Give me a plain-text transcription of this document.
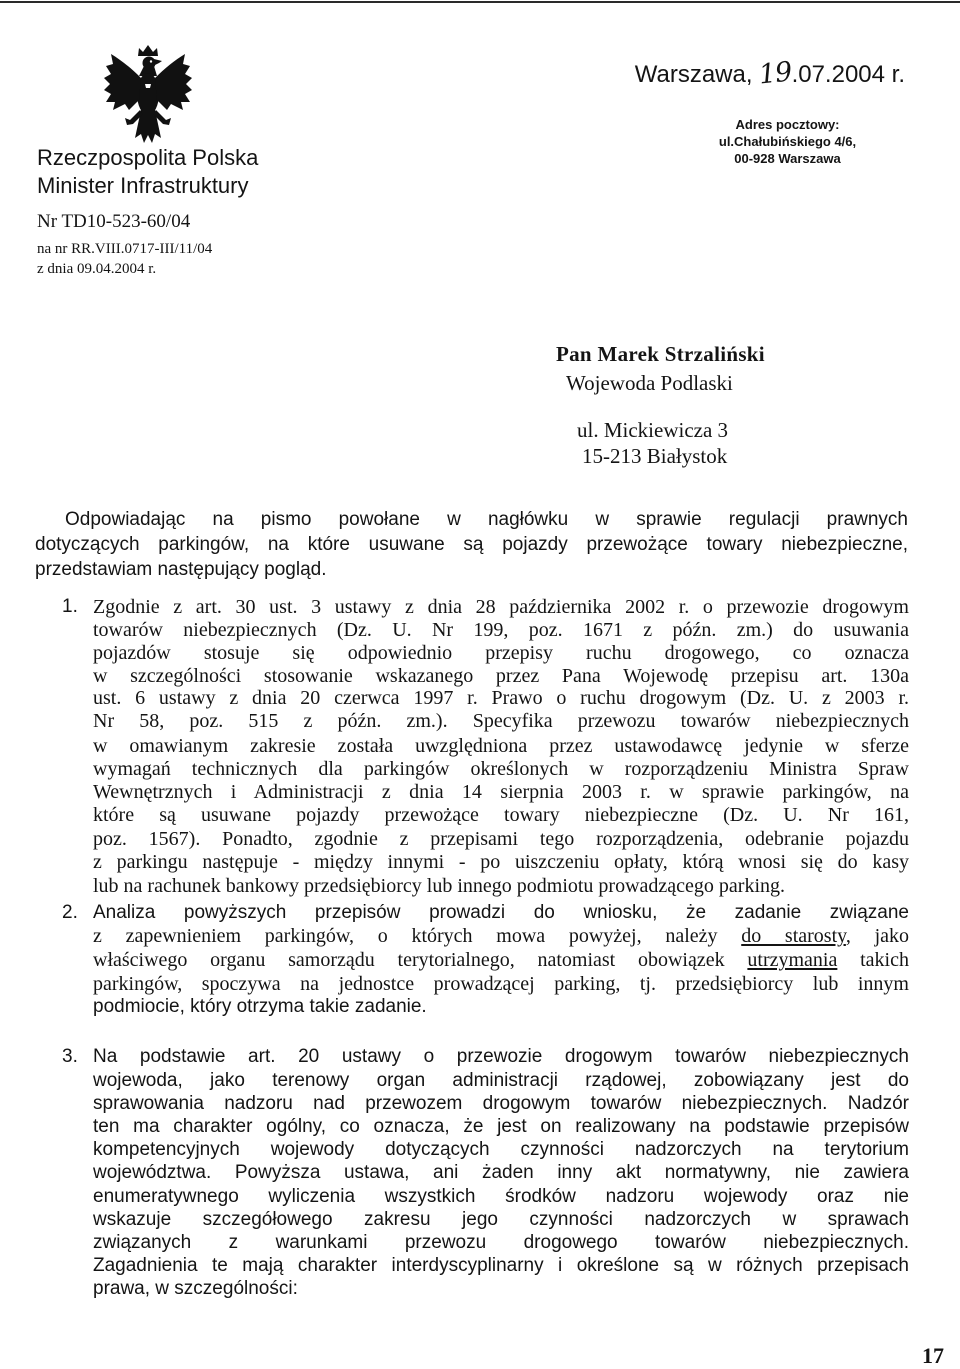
Rzeczpospolita Polska
Minister Infrastruktury
Nr TD10-523-60/04
na nr RR.VIII.0717-III/11/04
z dnia 09.04.2004 r.
Warszawa, 19.07.2004 r.
Adres pocztowy:
ul.Chałubińskiego 4/6,
00-928 Warszawa
Pan Marek Strzaliński
Wojewoda Podlaski
ul. Mickiewicza 3
15-213 Białystok
Odpowiadając na pismo powołane w nagłówku w sprawie regulacji prawnych
dotyczących parkingów, na które usuwane są pojazdy przewożące towary niebezpieczne,
przedstawiam następujący pogląd.
1. Zgodnie z art. 30 ust. 3 ustawy z dnia 28 października 2002 r. o przewozie drogowym
towarów niebezpiecznych (Dz. U. Nr 199, poz. 1671 z późn. zm.) do usuwania
pojazdów stosuje się odpowiednio przepisy ruchu drogowego, co oznacza
w szczególności stosowanie wskazanego przez Pana Wojewodę przepisu art. 130a
ust. 6 ustawy z dnia 20 czerwca 1997 r. Prawo o ruchu drogowym (Dz. U. z 2003 r.
Nr 58, poz. 515 z późn. zm.). Specyfika przewozu towarów niebezpiecznych
w omawianym zakresie została uwzględniona przez ustawodawcę jedynie w sferze
wymagań technicznych dla parkingów określonych w rozporządzeniu Ministra Spraw
Wewnętrznych i Administracji z dnia 14 sierpnia 2003 r. w sprawie parkingów, na
które są usuwane pojazdy przewożące towary niebezpieczne (Dz. U. Nr 161,
poz. 1567). Ponadto, zgodnie z przepisami tego rozporządzenia, odebranie pojazdu
z parkingu następuje - między innymi - po uiszczeniu opłaty, którą wnosi się do kasy
lub na rachunek bankowy przedsiębiorcy lub innego podmiotu prowadzącego parking.
2. Analiza powyższych przepisów prowadzi do wniosku, że zadanie związane
z zapewnieniem parkingów, o których mowa powyżej, należy do starosty, jako
właściwego organu samorządu terytorialnego, natomiast obowiązek utrzymania takich
parkingów, spoczywa na jednostce prowadzącej parking, tj. przedsiębiorcy lub innym
podmiocie, który otrzyma takie zadanie.
3. Na podstawie art. 20 ustawy o przewozie drogowym towarów niebezpiecznych
wojewoda, jako terenowy organ administracji rządowej, zobowiązany jest do
sprawowania nadzoru nad przewozem drogowym towarów niebezpiecznych. Nadzór
ten ma charakter ogólny, co oznacza, że jest on realizowany na podstawie przepisów
kompetencyjnych wojewody dotyczących czynności nadzorczych na terytorium
województwa. Powyższa ustawa, ani żaden inny akt normatywny, nie zawiera
enumeratywnego wyliczenia wszystkich środków nadzoru wojewody oraz nie
wskazuje szczegółowego zakresu jego czynności nadzorczych w sprawach
związanych z warunkami przewozu drogowego towarów niebezpiecznych.
Zagadnienia te mają charakter interdyscyplinarny i określone są w różnych przepisach
prawa, w szczególności:
17
